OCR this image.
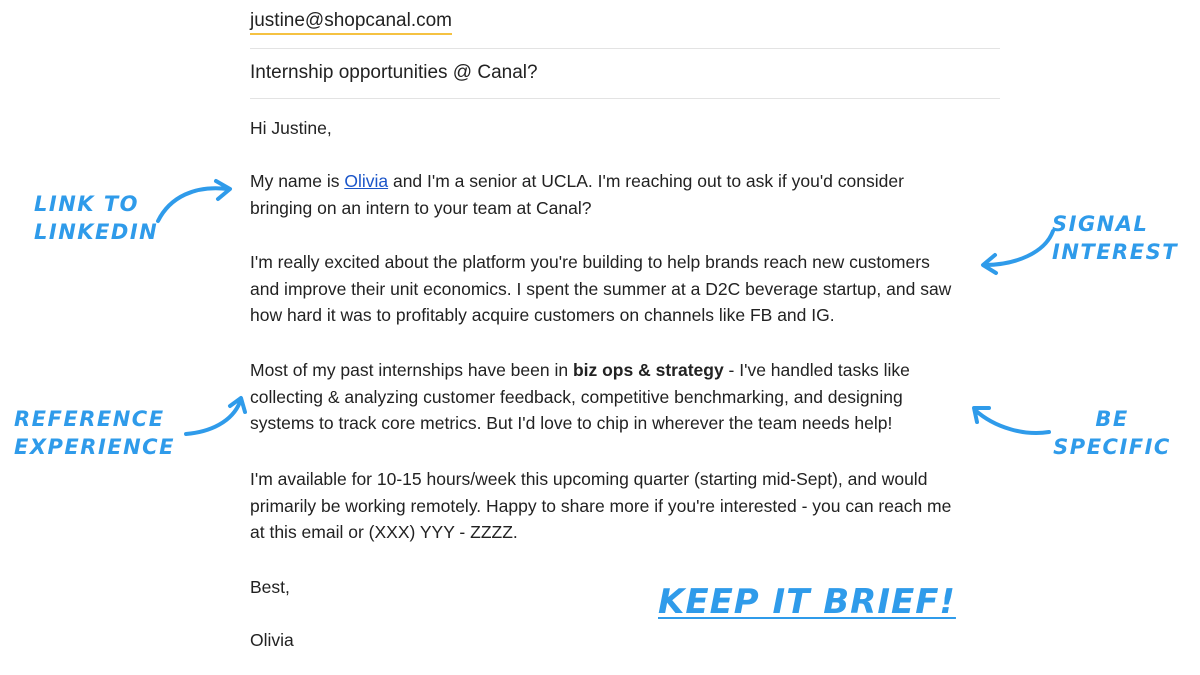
justine@shopcanal.com
Internship opportunities @ Canal?

Hi Justine,

My name is Olivia and I'm a senior at UCLA. I'm reaching out to ask if you'd consider
bringing on an intern to your team at Canal?

I'm really excited about the platform you're building to help brands reach new customers
and improve their unit economics. I spent the summer at a D2C beverage startup, and saw
how hard it was to profitably acquire customers on channels like FB and IG.

Most of my past internships have been in biz ops & strategy - I've handled tasks like
collecting & analyzing customer feedback, competitive benchmarking, and designing
systems to track core metrics. But I'd love to chip in wherever the team needs help!

I'm available for 10-15 hours/week this upcoming quarter (starting mid-Sept), and would
primarily be working remotely. Happy to share more if you're interested - you can reach me
at this email or (XXX) YYY - ZZZZ.

Best,

Olivia

LINK TO
LINKEDIN	SIGNAL
INTEREST
REFERENCE
EXPERIENCE
BE
SPECIFIC
KEEP IT BRIEF!
